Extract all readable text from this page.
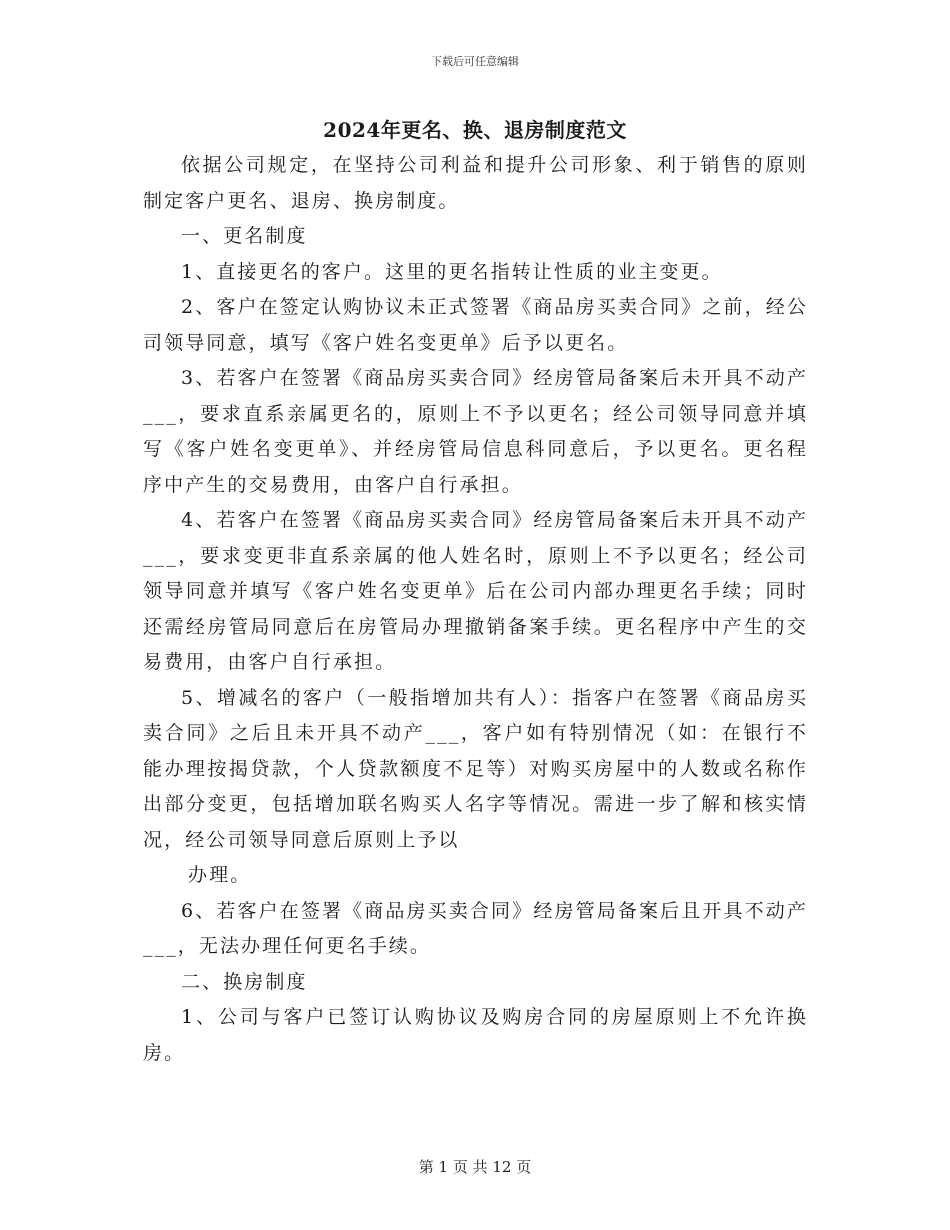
下载后可任意编辑
2024年更名、换、退房制度范文

依据公司规定，在坚持公司利益和提升公司形象、利于销售的原则制定客户更名、退房、换房制度。

一、更名制度

1、直接更名的客户。这里的更名指转让性质的业主变更。

2、客户在签定认购协议未正式签署《商品房买卖合同》之前，经公司领导同意，填写《客户姓名变更单》后予以更名。

3、若客户在签署《商品房买卖合同》经房管局备案后未开具不动产___，要求直系亲属更名的，原则上不予以更名；经公司领导同意并填写《客户姓名变更单》、并经房管局信息科同意后，予以更名。更名程序中产生的交易费用，由客户自行承担。

4、若客户在签署《商品房买卖合同》经房管局备案后未开具不动产___，要求变更非直系亲属的他人姓名时，原则上不予以更名；经公司领导同意并填写《客户姓名变更单》后在公司内部办理更名手续；同时还需经房管局同意后在房管局办理撤销备案手续。更名程序中产生的交易费用，由客户自行承担。

5、增减名的客户（一般指增加共有人）：指客户在签署《商品房买卖合同》之后且未开具不动产___，客户如有特别情况（如：在银行不能办理按揭贷款，个人贷款额度不足等）对购买房屋中的人数或名称作出部分变更，包括增加联名购买人名字等情况。需进一步了解和核实情况，经公司领导同意后原则上予以

办理。

6、若客户在签署《商品房买卖合同》经房管局备案后且开具不动产___，无法办理任何更名手续。

二、换房制度

1、公司与客户已签订认购协议及购房合同的房屋原则上不允许换房。

第 1 页 共 12 页
